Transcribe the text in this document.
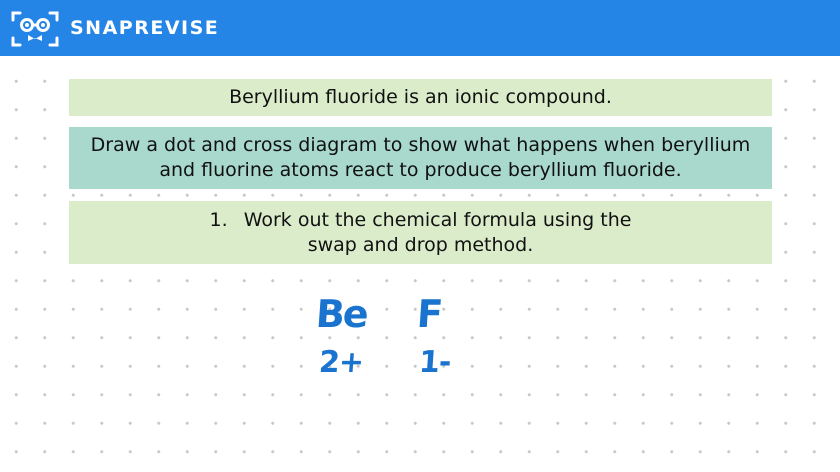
SNAPREVISE
Beryllium fluoride is an ionic compound.
Draw a dot and cross diagram to show what happens when beryllium and fluorine atoms react to produce beryllium fluoride.
1. Work out the chemical formula using the
swap and drop method.
Be F
2+ 1-
